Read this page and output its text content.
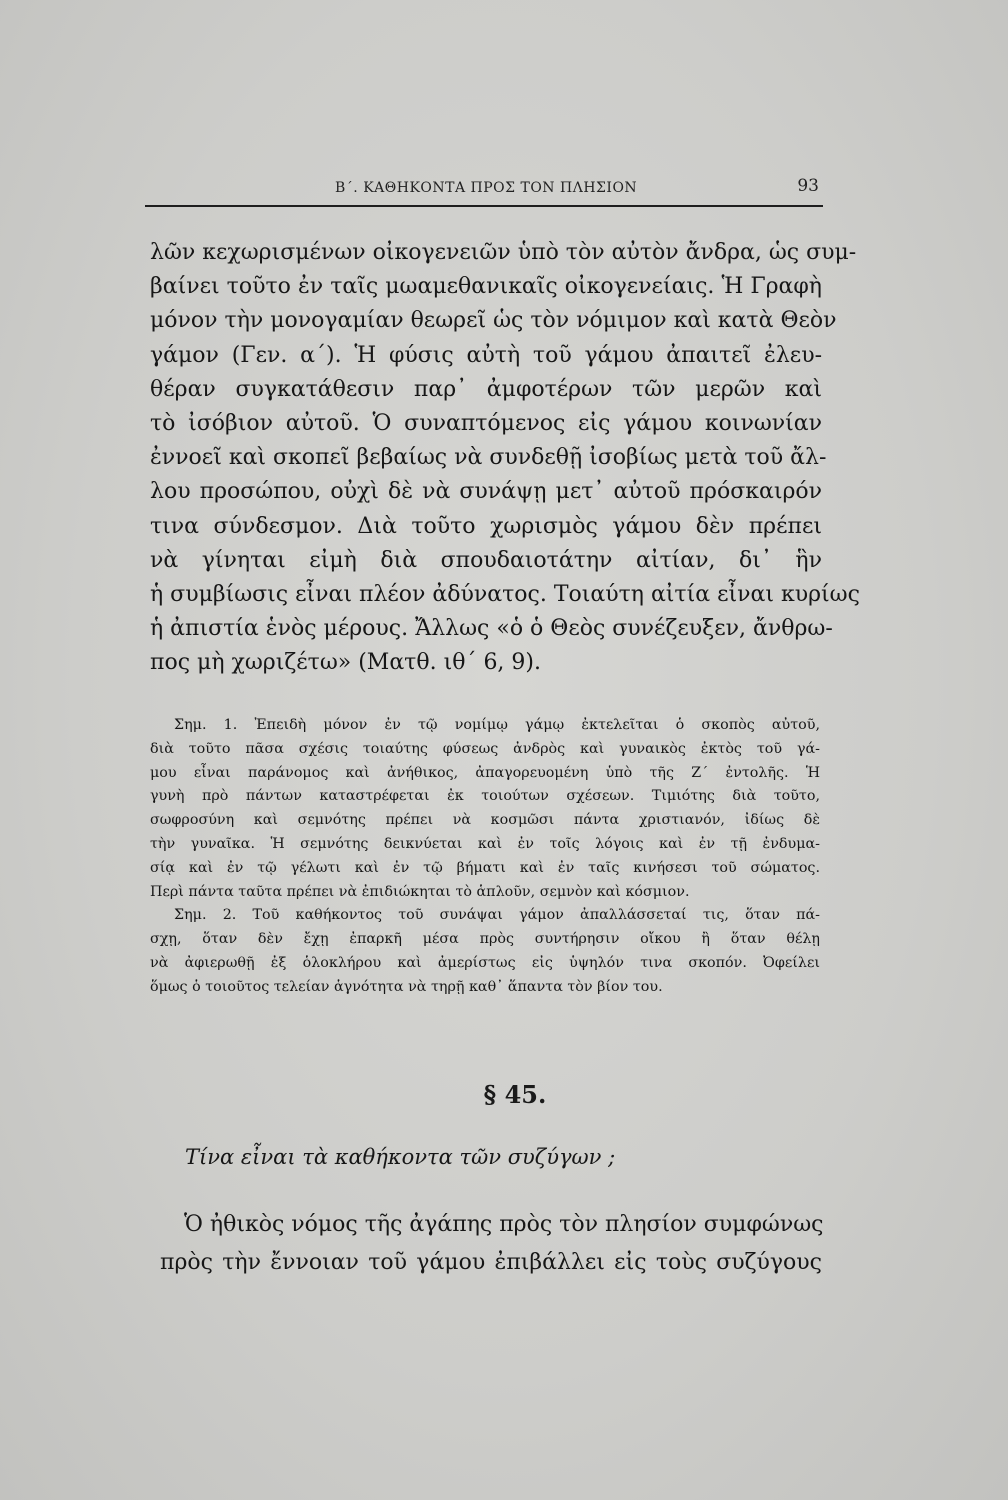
Β΄. ΚΑΘΗΚΟΝΤΑ ΠΡΟΣ ΤΟΝ ΠΛΗΣΙΟΝ	93
λῶν κεχωρισμένων οἰκογενειῶν ὑπὸ τὸν αὐτὸν ἄνδρα, ὡς συμ-
βαίνει τοῦτο ἐν ταῖς μωαμεθανικαῖς οἰκογενείαις. Ἡ Γραφὴ
μόνον τὴν μονογαμίαν θεωρεῖ ὡς τὸν νόμιμον καὶ κατὰ Θεὸν
γάμον (Γεν. α΄). Ἡ φύσις αὐτὴ τοῦ γάμου ἀπαιτεῖ ἐλευ-
θέραν συγκατάθεσιν παρ᾿ ἀμφοτέρων τῶν μερῶν καὶ
τὸ ἰσόβιον αὐτοῦ. Ὁ συναπτόμενος εἰς γάμου κοινωνίαν
ἐννοεῖ καὶ σκοπεῖ βεβαίως νὰ συνδεθῇ ἰσοβίως μετὰ τοῦ ἄλ-
λου προσώπου, οὐχὶ δὲ νὰ συνάψῃ μετ᾿ αὐτοῦ πρόσκαιρόν
τινα σύνδεσμον. Διὰ τοῦτο χωρισμὸς γάμου δὲν πρέπει
νὰ γίνηται εἰμὴ διὰ σπουδαιοτάτην αἰτίαν, δι᾿ ἣν
ἡ συμβίωσις εἶναι πλέον ἀδύνατος. Τοιαύτη αἰτία εἶναι κυρίως
ἡ ἀπιστία ἑνὸς μέρους. Ἄλλως «ὁ ὁ Θεὸς συνέζευξεν, ἄνθρω-
πος μὴ χωριζέτω» (Ματθ. ιθ΄ 6, 9).
Σημ. 1. Ἐπειδὴ μόνον ἐν τῷ νομίμῳ γάμῳ ἐκτελεῖται ὁ σκοπὸς αὐτοῦ,
διὰ τοῦτο πᾶσα σχέσις τοιαύτης φύσεως ἀνδρὸς καὶ γυναικὸς ἐκτὸς τοῦ γά-
μου εἶναι παράνομος καὶ ἀνήθικος, ἀπαγορευομένη ὑπὸ τῆς Ζ΄ ἐντολῆς. Ἡ
γυνὴ πρὸ πάντων καταστρέφεται ἐκ τοιούτων σχέσεων. Τιμιότης διὰ τοῦτο,
σωφροσύνη καὶ σεμνότης πρέπει νὰ κοσμῶσι πάντα χριστιανόν, ἰδίως δὲ
τὴν γυναῖκα. Ἡ σεμνότης δεικνύεται καὶ ἐν τοῖς λόγοις καὶ ἐν τῇ ἐνδυμα-
σίᾳ καὶ ἐν τῷ γέλωτι καὶ ἐν τῷ βήματι καὶ ἐν ταῖς κινήσεσι τοῦ σώματος.
Περὶ πάντα ταῦτα πρέπει νὰ ἐπιδιώκηται τὸ ἁπλοῦν, σεμνὸν καὶ κόσμιον.
Σημ. 2. Τοῦ καθήκοντος τοῦ συνάψαι γάμον ἀπαλλάσσεταί τις, ὅταν πά-
σχῃ, ὅταν δὲν ἔχῃ ἐπαρκῆ μέσα πρὸς συντήρησιν οἴκου ἢ ὅταν θέλῃ
νὰ ἀφιερωθῇ ἐξ ὁλοκλήρου καὶ ἀμερίστως εἰς ὑψηλόν τινα σκοπόν. Ὀφείλει
ὅμως ὁ τοιοῦτος τελείαν ἁγνότητα νὰ τηρῇ καθ᾿ ἅπαντα τὸν βίον του.
§ 45.
Τίνα εἶναι τὰ καθήκοντα τῶν συζύγων ;
Ὁ ἠθικὸς νόμος τῆς ἀγάπης πρὸς τὸν πλησίον συμφώνως
πρὸς τὴν ἔννοιαν τοῦ γάμου ἐπιβάλλει εἰς τοὺς συζύγους
